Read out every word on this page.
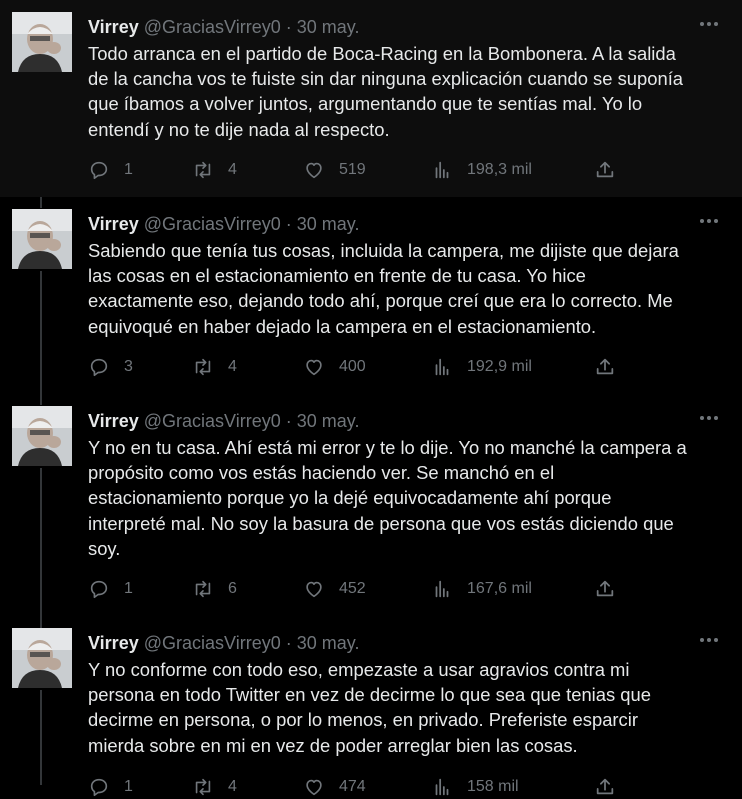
Virrey @GraciasVirrey0 · 30 may.
Todo arranca en el partido de Boca-Racing en la Bombonera. A la salida
de la cancha vos te fuiste sin dar ninguna explicación cuando se suponía
que íbamos a volver juntos, argumentando que te sentías mal. Yo lo
entendí y no te dije nada al respecto.
1	4	519	198,3 mil
Virrey @GraciasVirrey0 · 30 may.
Sabiendo que tenía tus cosas, incluida la campera, me dijiste que dejara
las cosas en el estacionamiento en frente de tu casa. Yo hice
exactamente eso, dejando todo ahí, porque creí que era lo correcto. Me
equivoqué en haber dejado la campera en el estacionamiento.
3	4	400	192,9 mil
Virrey @GraciasVirrey0 · 30 may.
Y no en tu casa. Ahí está mi error y te lo dije. Yo no manché la campera a
propósito como vos estás haciendo ver. Se manchó en el
estacionamiento porque yo la dejé equivocadamente ahí porque
interpreté mal. No soy la basura de persona que vos estás diciendo que
soy.
1	6	452	167,6 mil
Virrey @GraciasVirrey0 · 30 may.
Y no conforme con todo eso, empezaste a usar agravios contra mi
persona en todo Twitter en vez de decirme lo que sea que tenias que
decirme en persona, o por lo menos, en privado. Preferiste esparcir
mierda sobre en mi en vez de poder arreglar bien las cosas.
1	4	474	158 mil
